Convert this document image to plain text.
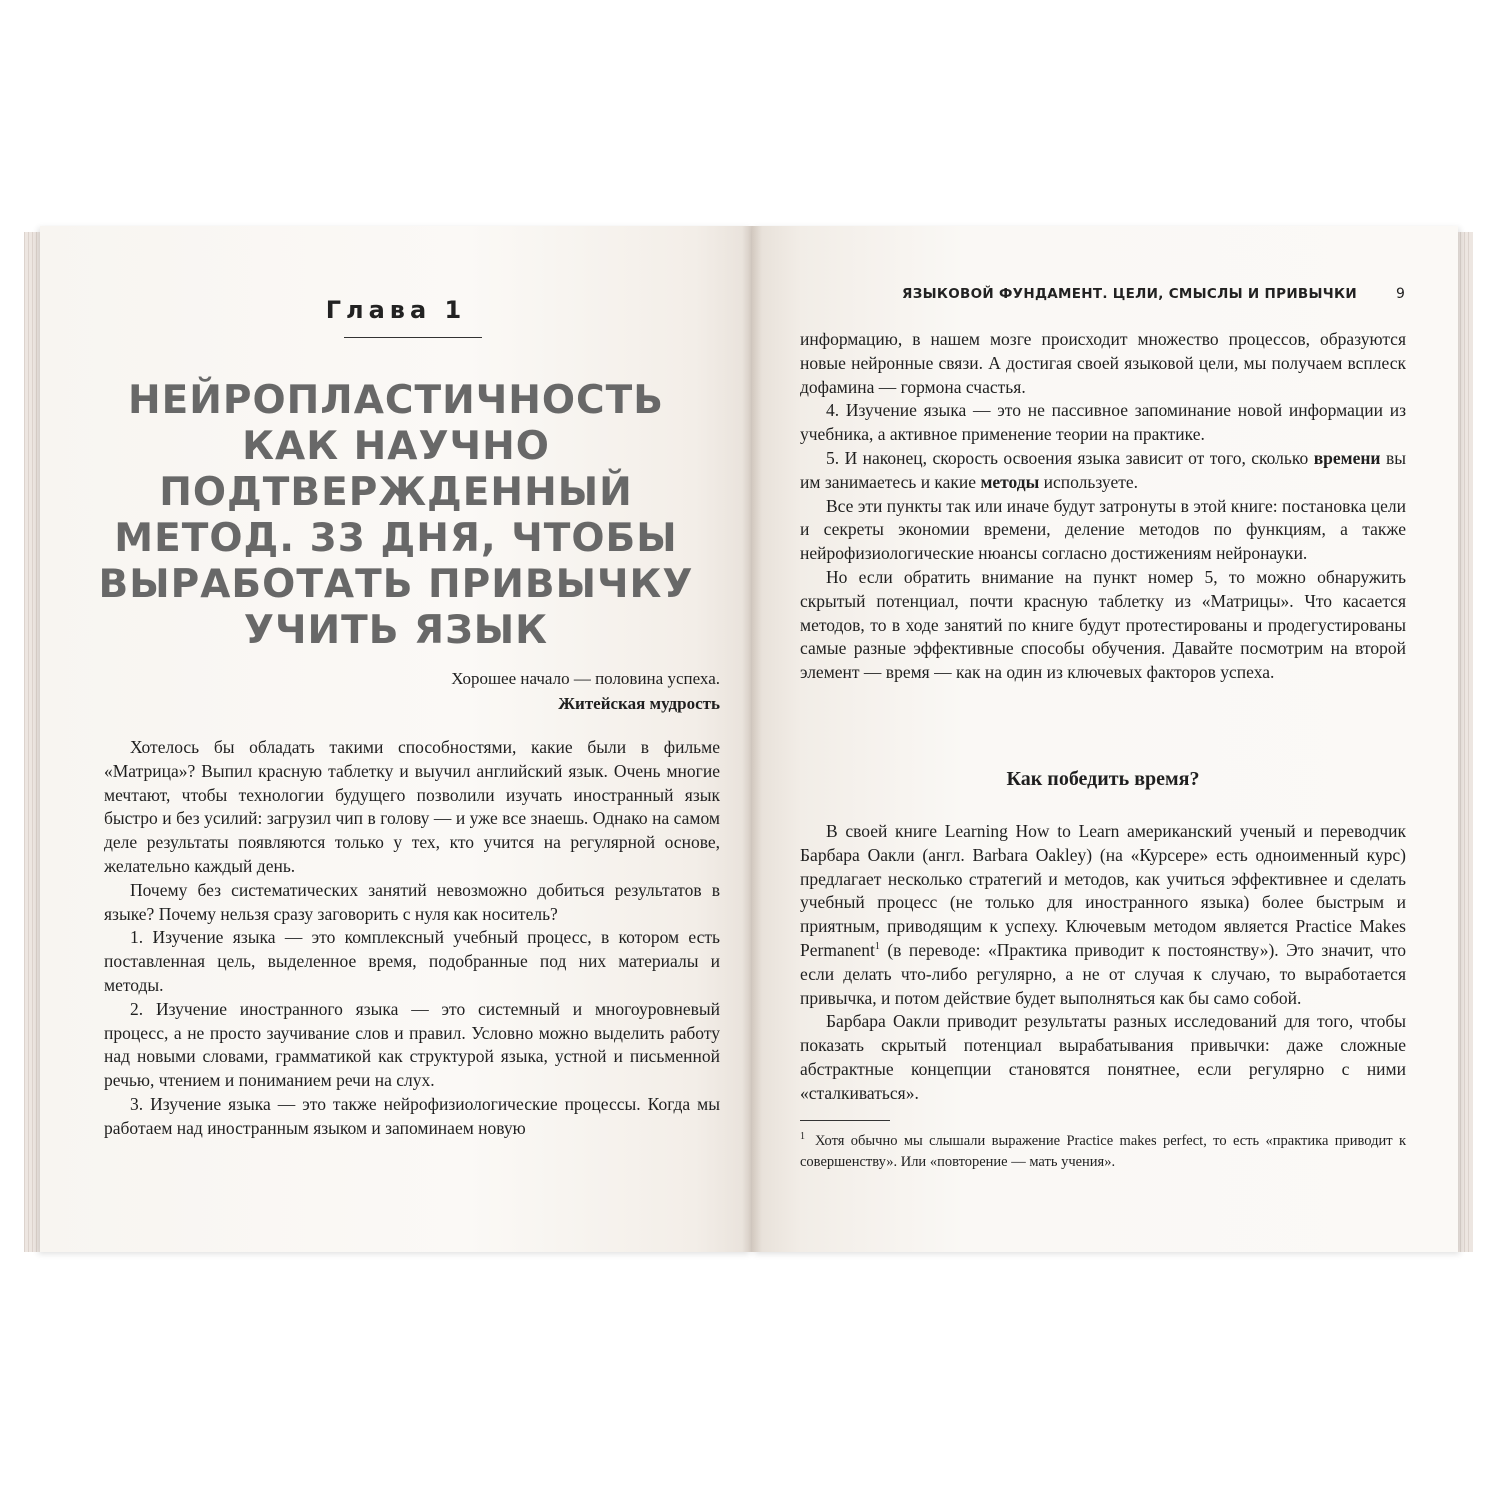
Глава 1
НЕЙРОПЛАСТИЧНОСТЬ
КАК НАУЧНО ПОДТВЕРЖДЕННЫЙ
МЕТОД. 33 ДНЯ, ЧТОБЫ
ВЫРАБОТАТЬ ПРИВЫЧКУ
УЧИТЬ ЯЗЫК
Хорошее начало — половина успеха.
Житейская мудрость

Хотелось бы обладать такими способностями, какие были в фильме «Матрица»? Выпил красную таблетку и выучил английский язык. Очень многие мечтают, чтобы технологии будущего позволили изучать иностранный язык быстро и без усилий: загрузил чип в голову — и уже все знаешь. Однако на самом деле результаты появляются только у тех, кто учится на регулярной основе, желательно каждый день.

Почему без систематических занятий невозможно добиться результатов в языке? Почему нельзя сразу заговорить с нуля как носитель?

1. Изучение языка — это комплексный учебный процесс, в котором есть поставленная цель, выделенное время, подобранные под них материалы и методы.

2. Изучение иностранного языка — это системный и многоуровневый процесс, а не просто заучивание слов и правил. Условно можно выделить работу над новыми словами, грамматикой как структурой языка, устной и письменной речью, чтением и пониманием речи на слух.

3. Изучение языка — это также нейрофизиологические процессы. Когда мы работаем над иностранным языком и запоминаем новую

ЯЗЫКОВОЙ ФУНДАМЕНТ. ЦЕЛИ, СМЫСЛЫ И ПРИВЫЧКИ	9

информацию, в нашем мозге происходит множество процессов, образуются новые нейронные связи. А достигая своей языковой цели, мы получаем всплеск дофамина — гормона счастья.

4. Изучение языка — это не пассивное запоминание новой информации из учебника, а активное применение теории на практике.

5. И наконец, скорость освоения языка зависит от того, сколько времени вы им занимаетесь и какие методы используете.

Все эти пункты так или иначе будут затронуты в этой книге: постановка цели и секреты экономии времени, деление методов по функциям, а также нейрофизиологические нюансы согласно достижениям нейронауки.

Но если обратить внимание на пункт номер 5, то можно обнаружить скрытый потенциал, почти красную таблетку из «Матрицы». Что касается методов, то в ходе занятий по книге будут протестированы и продегустированы самые разные эффективные способы обучения. Давайте посмотрим на второй элемент — время — как на один из ключевых факторов успеха.

Как победить время?

В своей книге Learning How to Learn американский ученый и переводчик Барбара Оакли (англ. Barbara Oakley) (на «Курсере» есть одноименный курс) предлагает несколько стратегий и методов, как учиться эффективнее и сделать учебный процесс (не только для иностранного языка) более быстрым и приятным, приводящим к успеху. Ключевым методом является Practice Makes Permanent$^1$ (в переводе: «Практика приводит к постоянству»). Это значит, что если делать что-либо регулярно, а не от случая к случаю, то выработается привычка, и потом действие будет выполняться как бы само собой.

Барбара Оакли приводит результаты разных исследований для того, чтобы показать скрытый потенциал вырабатывания привычки: даже сложные абстрактные концепции становятся понятнее, если регулярно с ними «сталкиваться».

$^1$ Хотя обычно мы слышали выражение Practice makes perfect, то есть «практика приводит к совершенству». Или «повторение — мать учения».
